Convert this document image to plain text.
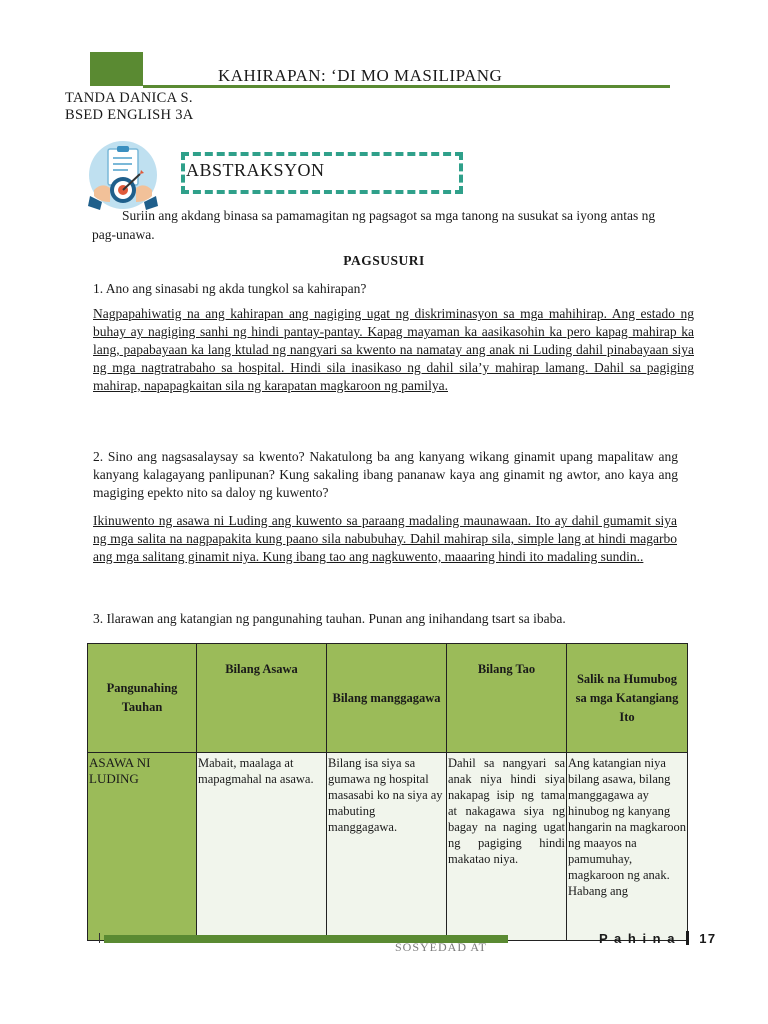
KAHIRAPAN: ‘DI MO MASILIPANG
TANDA DANICA S.
BSED ENGLISH 3A
ABSTRAKSYON
Suriin ang akdang binasa sa pamamagitan ng pagsagot sa mga tanong na susukat sa iyong antas ng pag-unawa.
PAGSUSURI
1. Ano ang sinasabi ng akda tungkol sa kahirapan?
Nagpapahiwatig na ang kahirapan ang nagiging ugat ng diskriminasyon sa mga mahihirap. Ang estado ng buhay ay nagiging sanhi ng hindi pantay-pantay. Kapag mayaman ka aasikasohin ka pero kapag mahirap ka lang, papabayaan ka lang ktulad ng nangyari sa kwento na namatay ang anak ni Luding dahil pinabayaan siya ng mga nagtratrabaho sa hospital. Hindi sila inasikaso ng dahil sila’y mahirap lamang. Dahil sa pagiging mahirap, napapagkaitan sila ng karapatan magkaroon ng pamilya.
2. Sino ang nagsasalaysay sa kwento? Nakatulong ba ang kanyang wikang ginamit upang mapalitaw ang kanyang kalagayang panlipunan? Kung sakaling ibang pananaw kaya ang ginamit ng awtor, ano kaya ang magiging epekto nito sa daloy ng kuwento?
Ikinuwento ng asawa ni Luding ang kuwento sa paraang madaling maunawaan. Ito ay dahil gumamit siya ng mga salita na nagpapakita kung paano sila nabubuhay. Dahil mahirap sila, simple lang at hindi magarbo ang mga salitang ginamit niya. Kung ibang tao ang nagkuwento, maaaring hindi ito madaling sundin..
3. Ilarawan ang katangian ng pangunahing tauhan. Punan ang inihandang tsart sa ibaba.
Pangunahing Tauhan	Bilang Asawa	Bilang manggagawa	Bilang Tao	Salik na Humubog sa mga Katangiang Ito
ASAWA NI LUDING	Mabait, maalaga at mapagmahal na asawa.	Bilang isa siya sa gumawa ng hospital masasabi ko na siya ay mabuting manggagawa.	Dahil sa nangyari sa anak niya hindi siya nakapag isip ng tama at nakagawa siya ng bagay na naging ugat ng pagiging hindi makatao niya.	Ang katangian niya bilang asawa, bilang manggagawa ay hinubog ng kanyang hangarin na magkaroon ng maayos na pamumuhay, magkaroon ng anak. Habang ang
SOSYEDAD AT
P a h i n a 17
